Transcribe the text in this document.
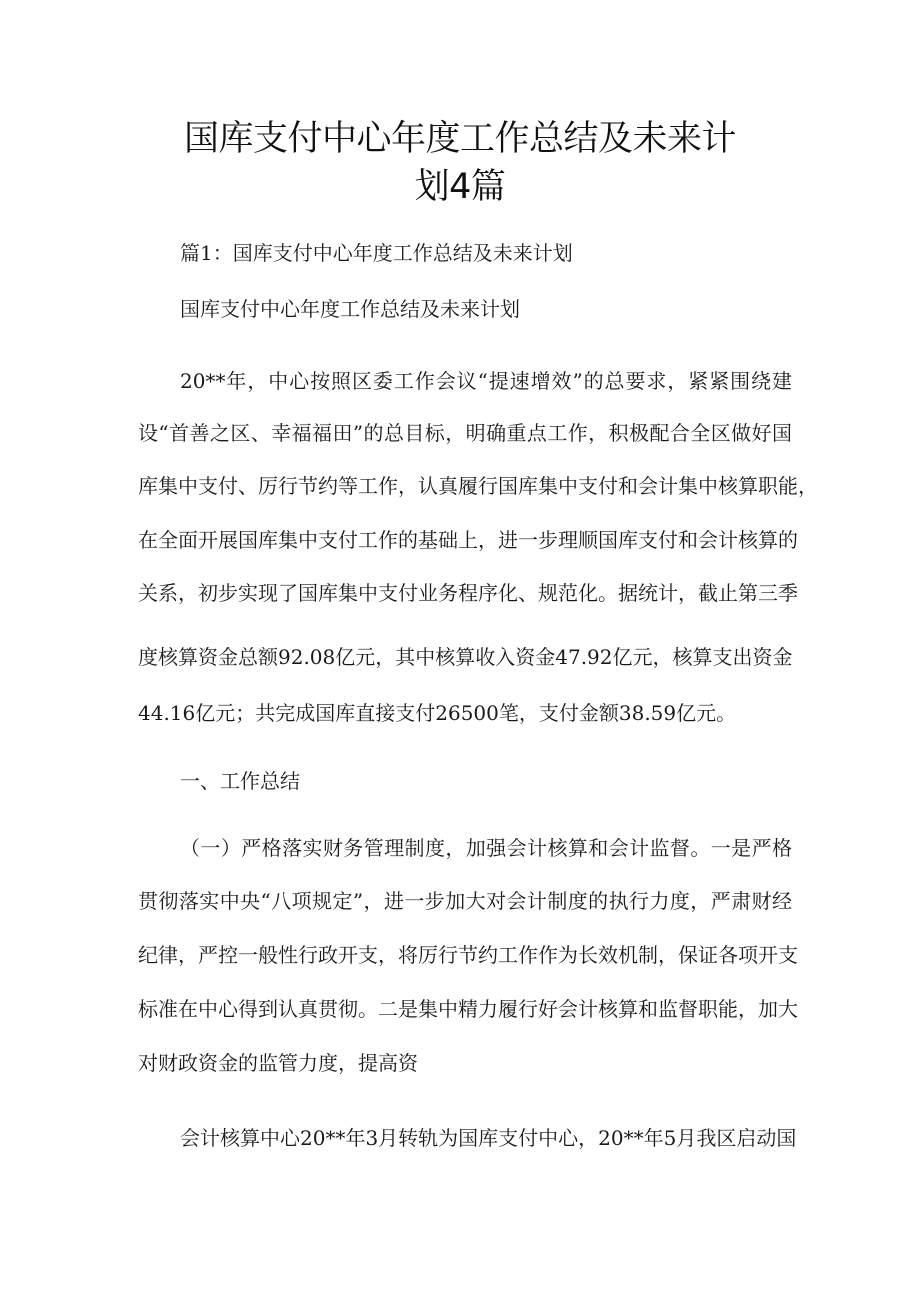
国库支付中心年度工作总结及未来计
划4篇
篇1：国库支付中心年度工作总结及未来计划
国库支付中心年度工作总结及未来计划
20**年，中心按照区委工作会议“提速增效”的总要求，紧紧围绕建
设“首善之区、幸福福田”的总目标，明确重点工作，积极配合全区做好国
库集中支付、厉行节约等工作，认真履行国库集中支付和会计集中核算职能，
在全面开展国库集中支付工作的基础上，进一步理顺国库支付和会计核算的
关系，初步实现了国库集中支付业务程序化、规范化。据统计，截止第三季
度核算资金总额92.08亿元，其中核算收入资金47.92亿元，核算支出资金
44.16亿元；共完成国库直接支付26500笔，支付金额38.59亿元。
一、工作总结
（一）严格落实财务管理制度，加强会计核算和会计监督。一是严格
贯彻落实中央“八项规定”，进一步加大对会计制度的执行力度，严肃财经
纪律，严控一般性行政开支，将厉行节约工作作为长效机制，保证各项开支
标准在中心得到认真贯彻。二是集中精力履行好会计核算和监督职能，加大
对财政资金的监管力度，提高资
会计核算中心20**年3月转轨为国库支付中心，20**年5月我区启动国
